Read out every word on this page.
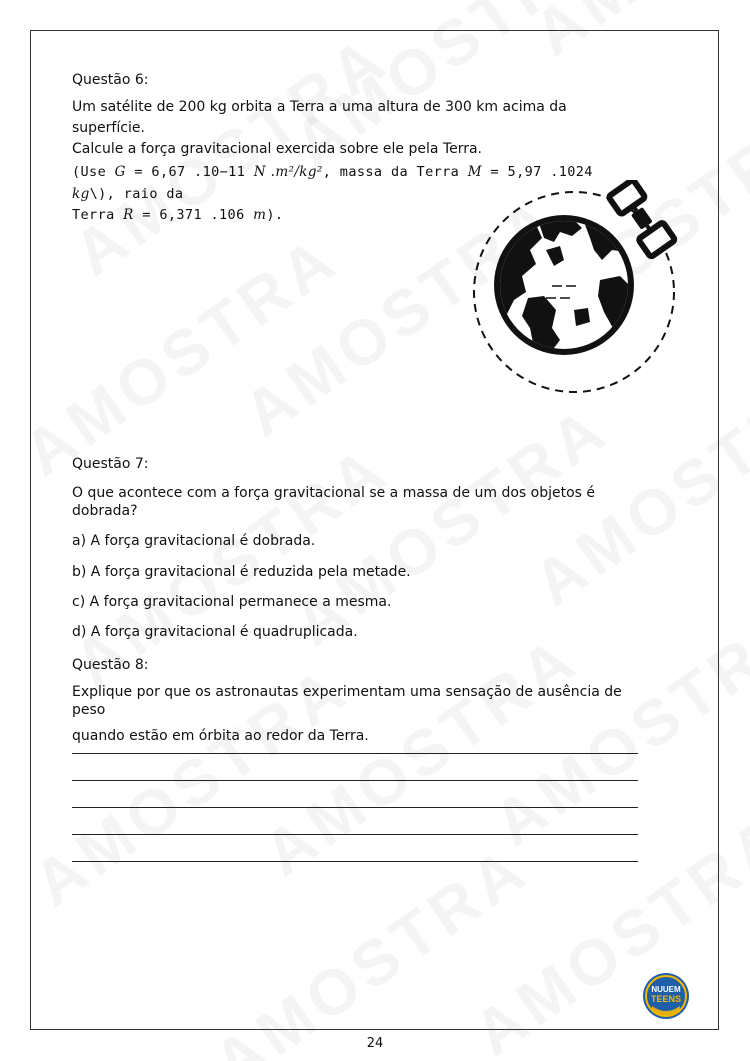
Questão 6:

Um satélite de 200 kg orbita a Terra a uma altura de 300 km acima da superfície.

Calcule a força gravitacional exercida sobre ele pela Terra.

(Use G = 6,67 .10−11 N .m²/kg², massa da Terra M = 5,97 .1024 kg\), raio da
Terra R = 6,371 .106 m).

Questão 7:

O que acontece com a força gravitacional se a massa de um dos objetos é dobrada?

a) A força gravitacional é dobrada.

b) A força gravitacional é reduzida pela metade.

c) A força gravitacional permanece a mesma.

d) A força gravitacional é quadruplicada.

Questão 8:

Explique por que os astronautas experimentam uma sensação de ausência de peso

quando estão em órbita ao redor da Terra.

NUUEM
TEENS
24
